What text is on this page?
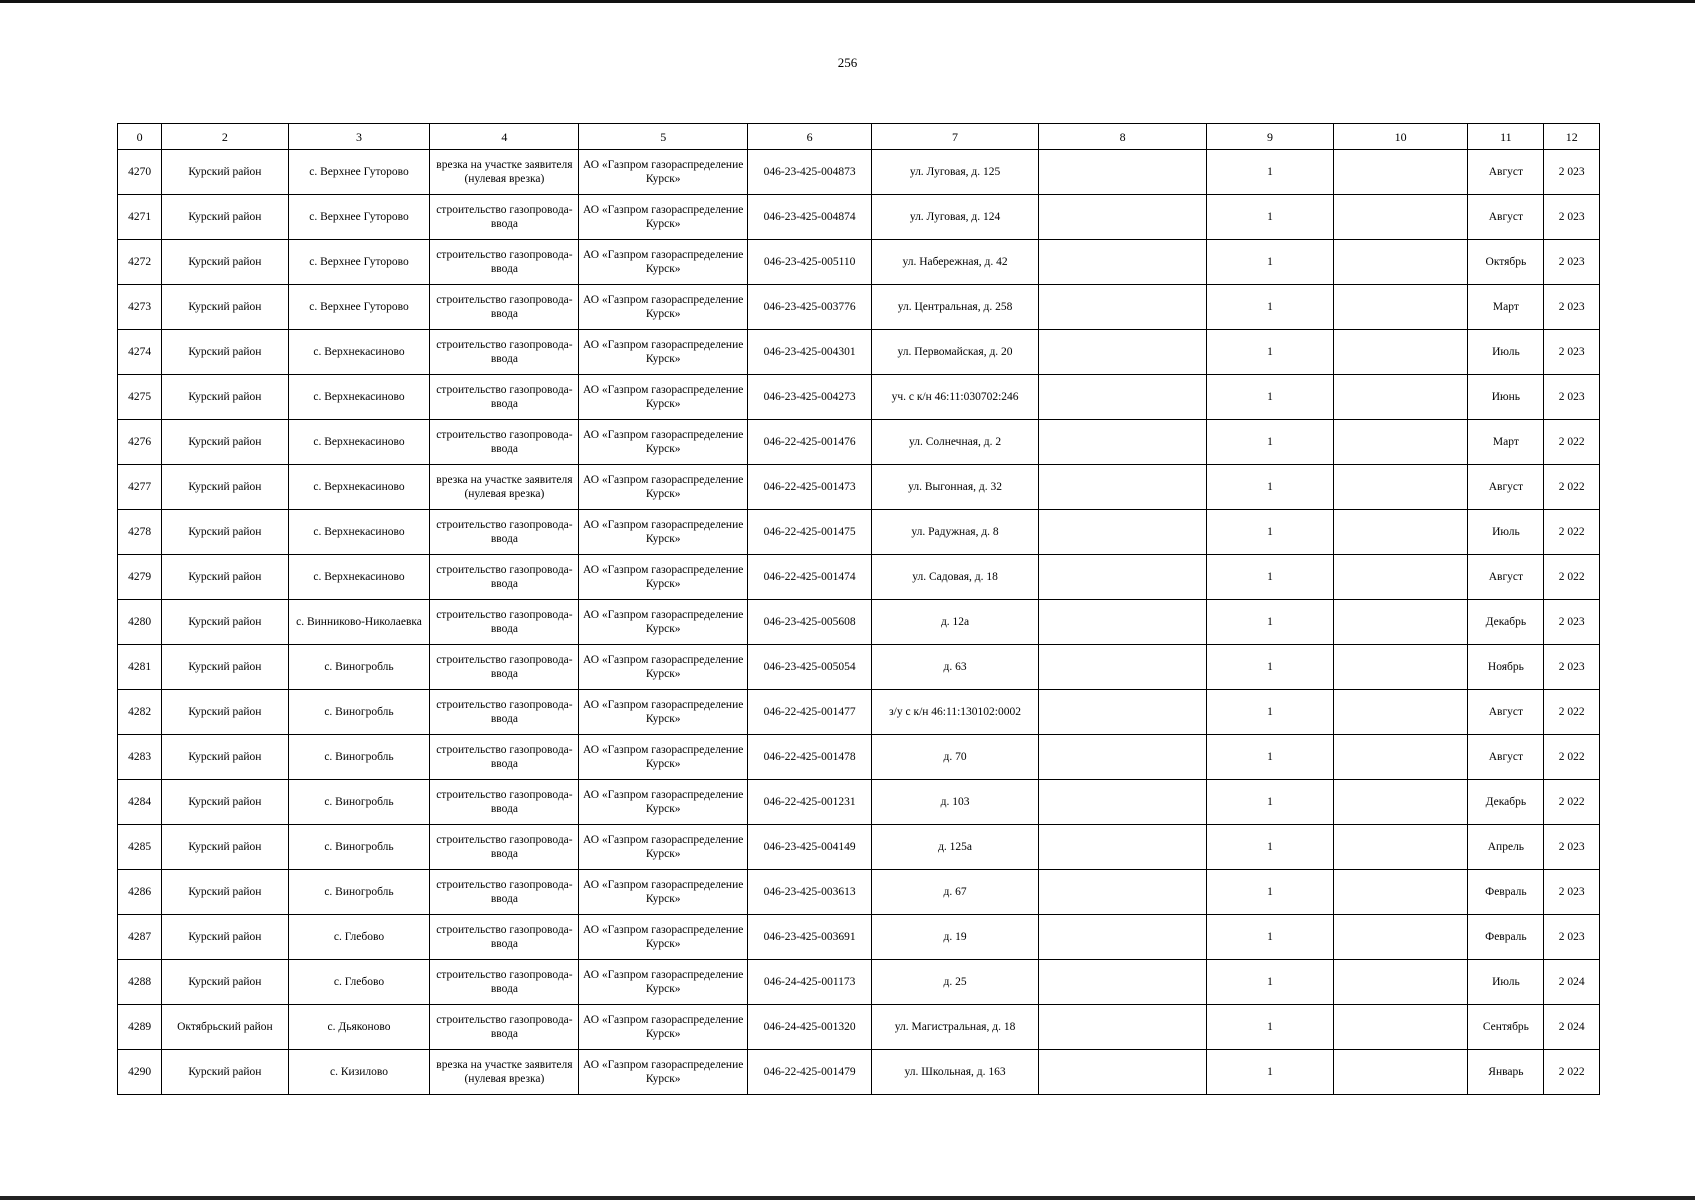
256
0	2	3	4	5	6	7	8	9	10	11	12
4270	Курский район	с. Верхнее Гуторово	врезка на участке заявителя (нулевая врезка)	АО «Газпром газораспределение Курск»	046-23-425-004873	ул. Луговая, д. 125		1		Август	2 023
4271	Курский район	с. Верхнее Гуторово	строительство газопровода-ввода	АО «Газпром газораспределение Курск»	046-23-425-004874	ул. Луговая, д. 124		1		Август	2 023
4272	Курский район	с. Верхнее Гуторово	строительство газопровода-ввода	АО «Газпром газораспределение Курск»	046-23-425-005110	ул. Набережная, д. 42		1		Октябрь	2 023
4273	Курский район	с. Верхнее Гуторово	строительство газопровода-ввода	АО «Газпром газораспределение Курск»	046-23-425-003776	ул. Центральная, д. 258		1		Март	2 023
4274	Курский район	с. Верхнекасиново	строительство газопровода-ввода	АО «Газпром газораспределение Курск»	046-23-425-004301	ул. Первомайская, д. 20		1		Июль	2 023
4275	Курский район	с. Верхнекасиново	строительство газопровода-ввода	АО «Газпром газораспределение Курск»	046-23-425-004273	уч. с к/н 46:11:030702:246		1		Июнь	2 023
4276	Курский район	с. Верхнекасиново	строительство газопровода-ввода	АО «Газпром газораспределение Курск»	046-22-425-001476	ул. Солнечная, д. 2		1		Март	2 022
4277	Курский район	с. Верхнекасиново	врезка на участке заявителя (нулевая врезка)	АО «Газпром газораспределение Курск»	046-22-425-001473	ул. Выгонная, д. 32		1		Август	2 022
4278	Курский район	с. Верхнекасиново	строительство газопровода-ввода	АО «Газпром газораспределение Курск»	046-22-425-001475	ул. Радужная, д. 8		1		Июль	2 022
4279	Курский район	с. Верхнекасиново	строительство газопровода-ввода	АО «Газпром газораспределение Курск»	046-22-425-001474	ул. Садовая, д. 18		1		Август	2 022
4280	Курский район	с. Винниково-Николаевка	строительство газопровода-ввода	АО «Газпром газораспределение Курск»	046-23-425-005608	д. 12а		1		Декабрь	2 023
4281	Курский район	с. Виногробль	строительство газопровода-ввода	АО «Газпром газораспределение Курск»	046-23-425-005054	д. 63		1		Ноябрь	2 023
4282	Курский район	с. Виногробль	строительство газопровода-ввода	АО «Газпром газораспределение Курск»	046-22-425-001477	з/у с к/н 46:11:130102:0002		1		Август	2 022
4283	Курский район	с. Виногробль	строительство газопровода-ввода	АО «Газпром газораспределение Курск»	046-22-425-001478	д. 70		1		Август	2 022
4284	Курский район	с. Виногробль	строительство газопровода-ввода	АО «Газпром газораспределение Курск»	046-22-425-001231	д. 103		1		Декабрь	2 022
4285	Курский район	с. Виногробль	строительство газопровода-ввода	АО «Газпром газораспределение Курск»	046-23-425-004149	д. 125а		1		Апрель	2 023
4286	Курский район	с. Виногробль	строительство газопровода-ввода	АО «Газпром газораспределение Курск»	046-23-425-003613	д. 67		1		Февраль	2 023
4287	Курский район	с. Глебово	строительство газопровода-ввода	АО «Газпром газораспределение Курск»	046-23-425-003691	д. 19		1		Февраль	2 023
4288	Курский район	с. Глебово	строительство газопровода-ввода	АО «Газпром газораспределение Курск»	046-24-425-001173	д. 25		1		Июль	2 024
4289	Октябрьский район	с. Дьяконово	строительство газопровода-ввода	АО «Газпром газораспределение Курск»	046-24-425-001320	ул. Магистральная, д. 18		1		Сентябрь	2 024
4290	Курский район	с. Кизилово	врезка на участке заявителя (нулевая врезка)	АО «Газпром газораспределение Курск»	046-22-425-001479	ул. Школьная, д. 163		1		Январь	2 022
